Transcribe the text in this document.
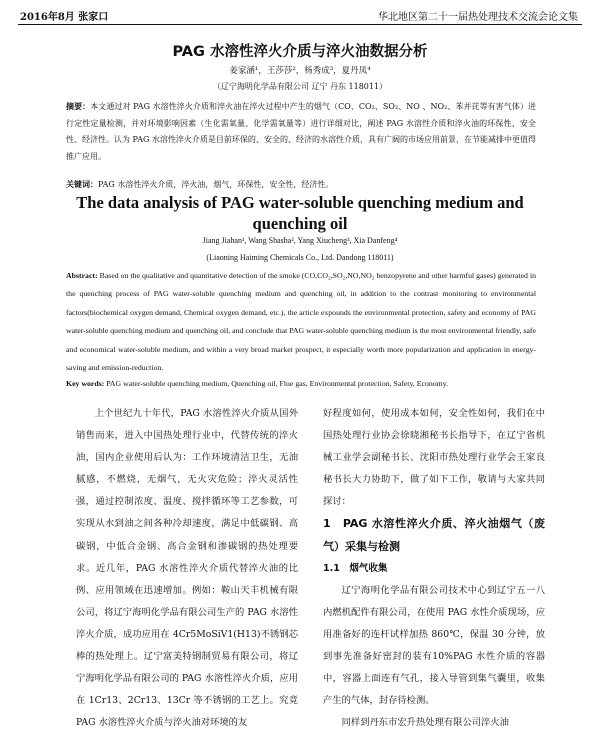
2016年8月 张家口	华北地区第二十一届热处理技术交流会论文集
PAG 水溶性淬火介质与淬火油数据分析
姜家涵¹，王莎莎²，杨秀成³，夏丹凤⁴
（辽宁海明化学品有限公司 辽宁 丹东 118011）
摘要：本文通过对 PAG 水溶性淬火介质和淬火油在淬火过程中产生的烟气（CO、CO₂、SO₂、NO 、NO₂、苯并芘等有害气体）进行定性定量检测，并对环境影响因素（生化需氧量、化学需氧量等）进行详细对比，阐述 PAG 水溶性介质和淬火油的环保性、安全性、经济性。认为 PAG 水溶性淬火介质是目前环保的、安全的、经济的水溶性介质，具有广阔的市场应用前景，在节能减排中更值得推广应用。
关键词：PAG 水溶性淬火介质，淬火油，烟气，环保性，安全性，经济性。
The data analysis of PAG water-soluble quenching medium and quenching oil
Jiang Jiahan¹, Wang Shasha², Yang Xiucheng³, Xia Danfeng⁴
(Liaoning Haiming Chemicals Co., Ltd. Dandong 118011)
Abstract: Based on the qualitative and quantitative detection of the smoke (CO,CO₂,SO₂,NO,NO₂ benzopyrene and other harmful gases) generated in the quenching process of PAG water-soluble quenching medium and quenching oil, in addition to the contrast monitoring to environmental factors(biochemical oxygen demand, Chemical oxygen demand, etc.), the article expounds the environmental protection, safety and economy of PAG water-soluble quenching medium and quenching oil, and conclude that PAG water-soluble quenching medium is the most environmental friendly, safe and economical water-soluble medium, and within a very broad market prospect, it especially worth more popularization and application in energy-saving and emission-reduction.
Key words: PAG water-soluble quenching medium, Quenching oil, Flue gas, Environmental protection, Safety, Economy.

上个世纪九十年代，PAG 水溶性淬火介质从国外销售而来，进入中国热处理行业中，代替传统的淬火油，国内企业使用后认为：工作环境清洁卫生，无油腻感，不燃烧，无烟气，无火灾危险；淬火灵活性强，通过控制浓度、温度、搅拌循环等工艺参数，可实现从水到油之间各种冷却速度，满足中低碳钢、高碳钢，中低合金钢、高合金钢和渗碳钢的热处理要求。近几年，PAG 水溶性淬火介质代替淬火油的比例、应用领域在迅速增加。例如：鞍山天丰机械有限公司，将辽宁海明化学品有限公司生产的 PAG 水溶性淬火介质，成功应用在 4Cr5MoSiV1(H13)不锈钢芯棒的热处理上。辽宁富美特钢制贸易有限公司，将辽宁海明化学品有限公司的 PAG 水溶性淬火介质，应用在 1Cr13、2Cr13、13Cr 等不锈钢的工艺上。究竟 PAG 水溶性淬火介质与淬火油对环境的友

好程度如何，使用成本如何，安全性如何，我们在中国热处理行业协会徐晓湘秘书长指导下，在辽宁省机械工业学会副秘书长、沈阳市热处理行业学会王家良秘书长大力协助下，做了如下工作，敬请与大家共同探讨：

1　PAG 水溶性淬火介质、淬火油烟气（废气）采集与检测

1.1　烟气收集

辽宁海明化学品有限公司技术中心到辽宁五一八内燃机配件有限公司，在使用 PAG 水性介质现场，应用准备好的连杆试样加热 860℃，保温 30 分钟，放到事先准备好密封的装有10%PAG 水性介质的容器中，容器上面连有气孔，接入导管到集气囊里，收集产生的气体，封存待检测。

同样到丹东市宏升热处理有限公司淬火油
